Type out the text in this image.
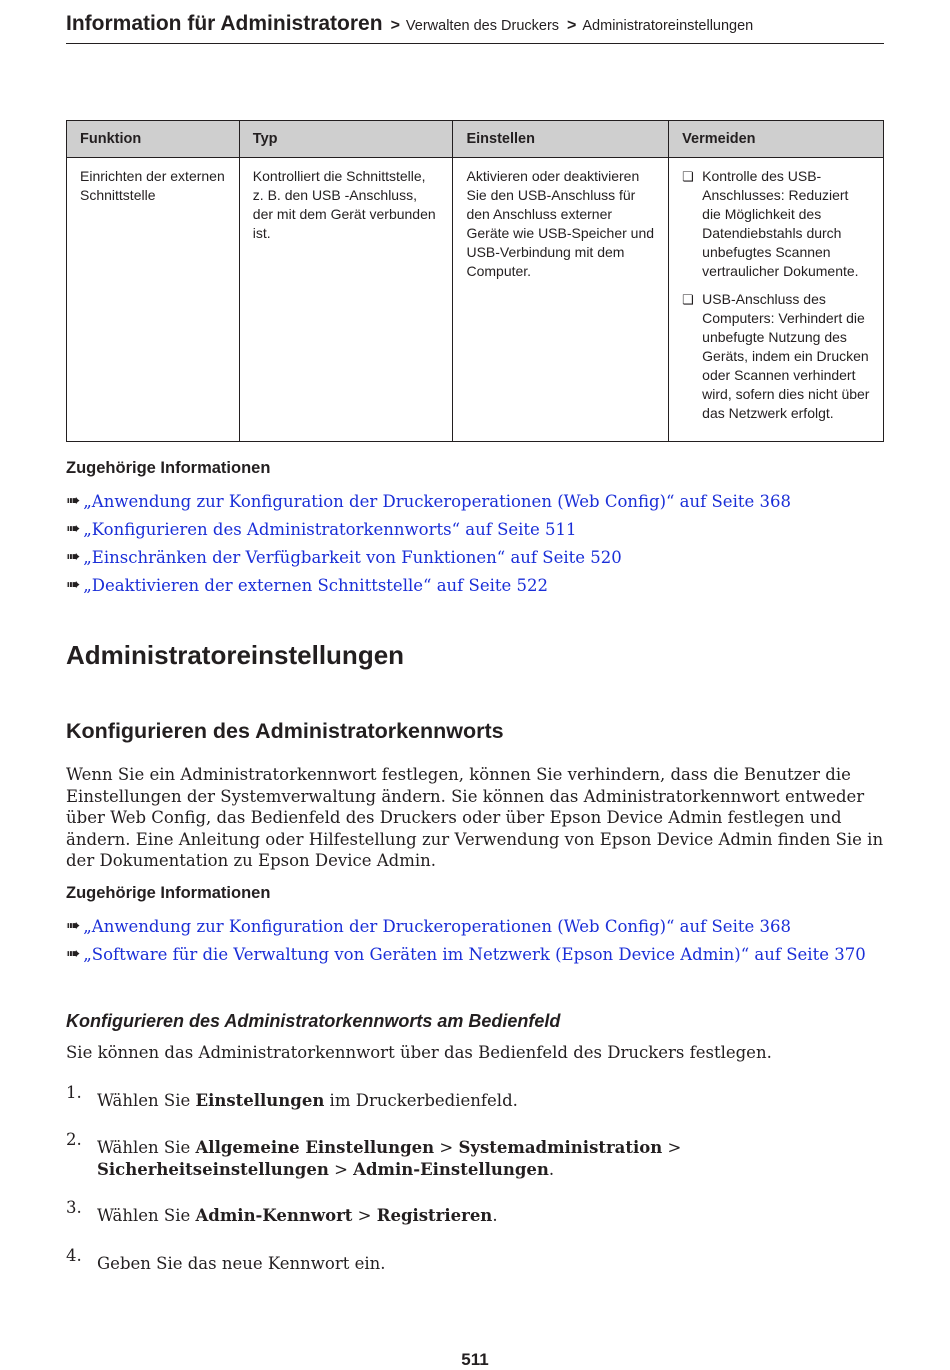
Information für Administratoren > Verwalten des Druckers > Administratoreinstellungen
Funktion	Typ	Einstellen	Vermeiden
Einrichten der externen Schnittstelle	Kontrolliert die Schnittstelle, z. B. den USB -Anschluss, der mit dem Gerät verbunden ist.	Aktivieren oder deaktivieren Sie den USB-Anschluss für den Anschluss externer Geräte wie USB-Speicher und USB-Verbindung mit dem Computer.	❏ Kontrolle des USB-Anschlusses: Reduziert die Möglichkeit des Datendiebstahls durch unbefugtes Scannen vertraulicher Dokumente.
❏ USB-Anschluss des Computers: Verhindert die unbefugte Nutzung des Geräts, indem ein Drucken oder Scannen verhindert wird, sofern dies nicht über das Netzwerk erfolgt.
Zugehörige Informationen
➠ „Anwendung zur Konfiguration der Druckeroperationen (Web Config)“ auf Seite 368
➠ „Konfigurieren des Administratorkennworts“ auf Seite 511
➠ „Einschränken der Verfügbarkeit von Funktionen“ auf Seite 520
➠ „Deaktivieren der externen Schnittstelle“ auf Seite 522
Administratoreinstellungen
Konfigurieren des Administratorkennworts
Wenn Sie ein Administratorkennwort festlegen, können Sie verhindern, dass die Benutzer die Einstellungen der Systemverwaltung ändern. Sie können das Administratorkennwort entweder über Web Config, das Bedienfeld des Druckers oder über Epson Device Admin festlegen und ändern. Eine Anleitung oder Hilfestellung zur Verwendung von Epson Device Admin finden Sie in der Dokumentation zu Epson Device Admin.
Zugehörige Informationen
➠ „Anwendung zur Konfiguration der Druckeroperationen (Web Config)“ auf Seite 368
➠ „Software für die Verwaltung von Geräten im Netzwerk (Epson Device Admin)“ auf Seite 370
Konfigurieren des Administratorkennworts am Bedienfeld
Sie können das Administratorkennwort über das Bedienfeld des Druckers festlegen.
1. Wählen Sie Einstellungen im Druckerbedienfeld.
2. Wählen Sie Allgemeine Einstellungen > Systemadministration > Sicherheitseinstellungen > Admin-Einstellungen.
3. Wählen Sie Admin-Kennwort > Registrieren.
4. Geben Sie das neue Kennwort ein.
511
